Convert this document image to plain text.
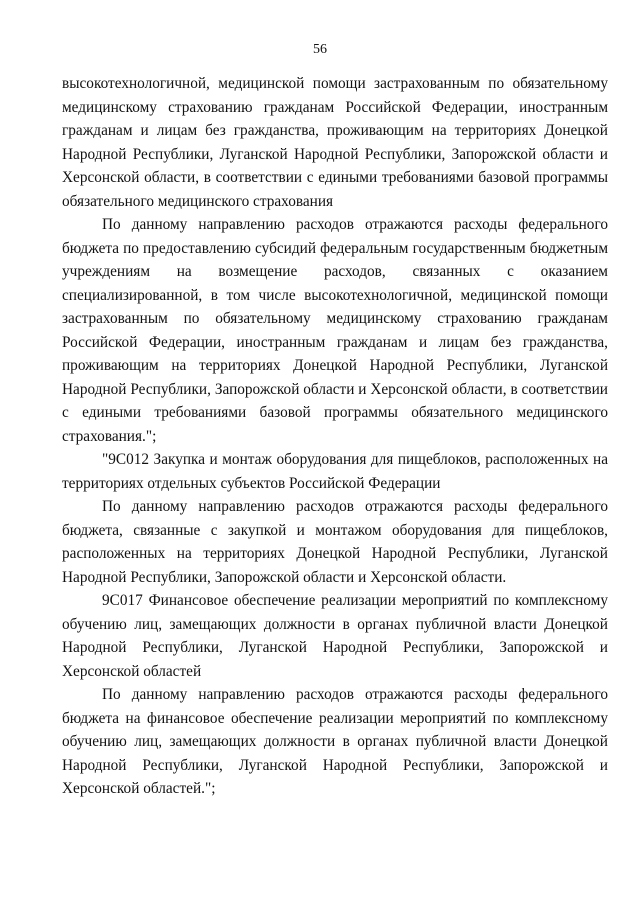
56

высокотехнологичной, медицинской помощи застрахованным по обязательному медицинскому страхованию гражданам Российской Федерации, иностранным гражданам и лицам без гражданства, проживающим на территориях Донецкой Народной Республики, Луганской Народной Республики, Запорожской области и Херсонской области, в соответствии с едиными требованиями базовой программы обязательного медицинского страхования

По данному направлению расходов отражаются расходы федерального бюджета по предоставлению субсидий федеральным государственным бюджетным учреждениям на возмещение расходов, связанных с оказанием специализированной, в том числе высокотехнологичной, медицинской помощи застрахованным по обязательному медицинскому страхованию гражданам Российской Федерации, иностранным гражданам и лицам без гражданства, проживающим на территориях Донецкой Народной Республики, Луганской Народной Республики, Запорожской области и Херсонской области, в соответствии с едиными требованиями базовой программы обязательного медицинского страхования.";

"9С012 Закупка и монтаж оборудования для пищеблоков, расположенных на территориях отдельных субъектов Российской Федерации

По данному направлению расходов отражаются расходы федерального бюджета, связанные с закупкой и монтажом оборудования для пищеблоков, расположенных на территориях Донецкой Народной Республики, Луганской Народной Республики, Запорожской области и Херсонской области.

9С017 Финансовое обеспечение реализации мероприятий по комплексному обучению лиц, замещающих должности в органах публичной власти Донецкой Народной Республики, Луганской Народной Республики, Запорожской и Херсонской областей

По данному направлению расходов отражаются расходы федерального бюджета на финансовое обеспечение реализации мероприятий по комплексному обучению лиц, замещающих должности в органах публичной власти Донецкой Народной Республики, Луганской Народной Республики, Запорожской и Херсонской областей.";
